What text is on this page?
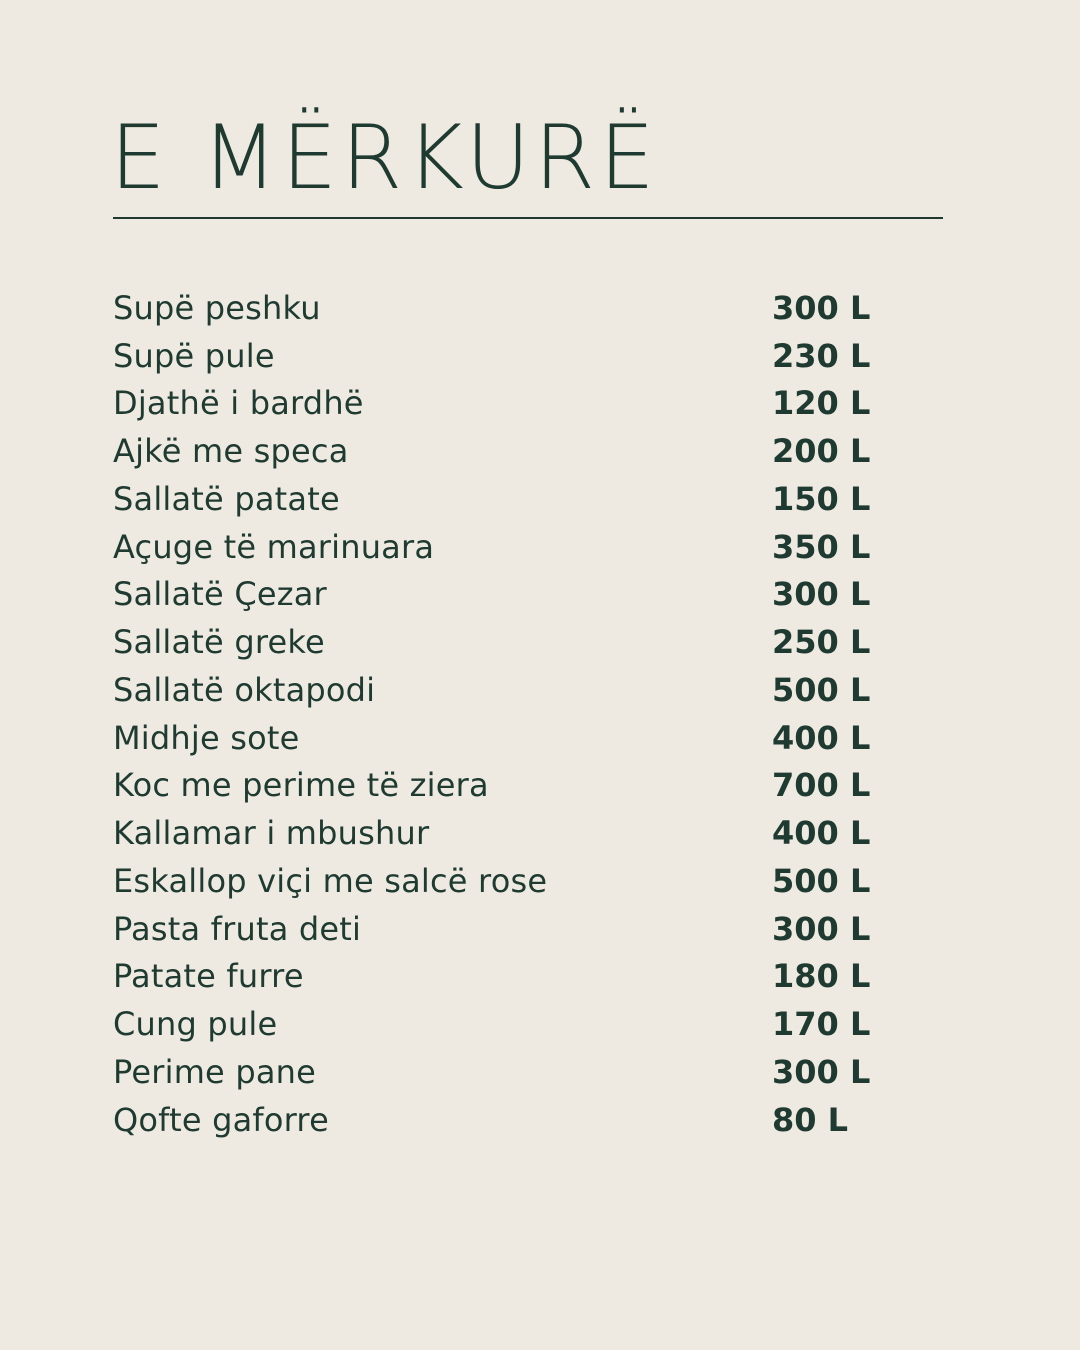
E MËRKURË
Supë peshku	300 L
Supë pule	230 L
Djathë i bardhë	120 L
Ajkë me speca	200 L
Sallatë patate	150 L
Açuge të marinuara	350 L
Sallatë Çezar	300 L
Sallatë greke	250 L
Sallatë oktapodi	500 L
Midhje sote	400 L
Koc me perime të ziera	700 L
Kallamar i mbushur	400 L
Eskallop viçi me salcë rose	500 L
Pasta fruta deti	300 L
Patate furre	180 L
Cung pule	170 L
Perime pane	300 L
Qofte gaforre	80 L
